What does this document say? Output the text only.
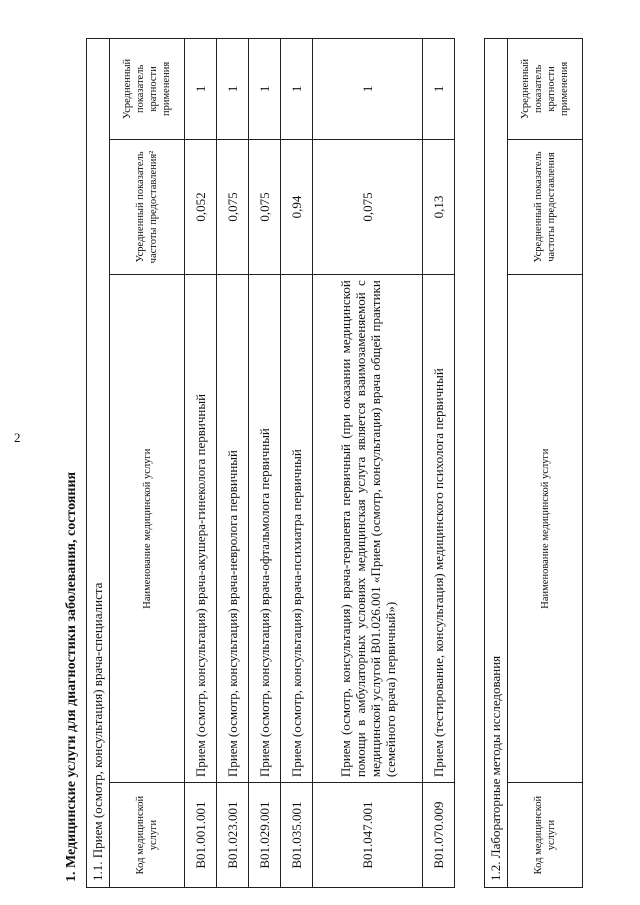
2
1. Медицинские услуги для диагностики заболевания, состояния 1.1. Прием (осмотр, консультация) врача-специалиста			
Код медицинской услуги	Наименование медицинской услуги	Усредненный показатель частоты предоставления²	Усредненный показатель кратности применения
B01.001.001	Прием (осмотр, консультация) врача-акушера-гинеколога первичный	0,052	1
B01.023.001	Прием (осмотр, консультация) врача-невролога первичный	0,075	1
B01.029.001	Прием (осмотр, консультация) врача-офтальмолога первичный	0,075	1
B01.035.001	Прием (осмотр, консультация) врача-психиатра первичный	0,94	1
B01.047.001	Прием (осмотр, консультация) врача-терапевта первичный (при оказании медицинской помощи в амбулаторных условиях медицинская услуга является взаимозаменяемой с медицинской услугой B01.026.001 «Прием (осмотр, консультация) врача общей практики (семейного врача) первичный»)	0,075	1
B01.070.009	Прием (тестирование, консультация) медицинского психолога первичный	0,13	1
1.2. Лабораторные методы исследования
Код медицинской услуги	Наименование медицинской услуги	Усредненный показатель частоты предоставления	Усредненный показатель кратности применения
